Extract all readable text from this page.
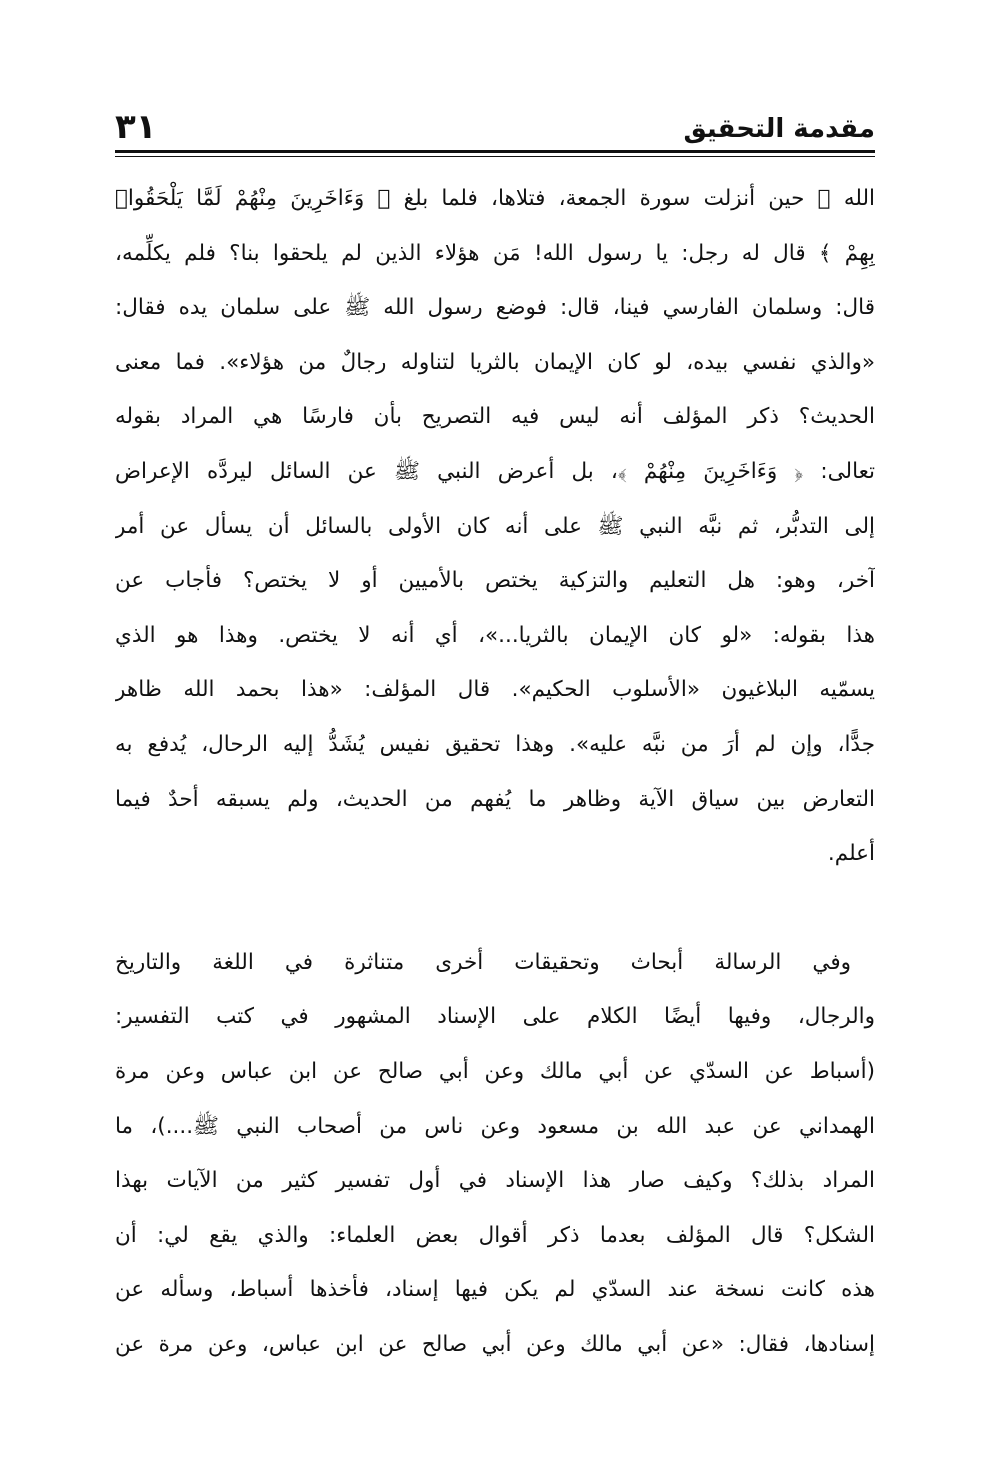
مقدمة التحقيق
٣١
الله ﷺ حين أنزلت سورة الجمعة، فتلاها، فلما بلغ ﴿ وَءَاخَرِينَ مِنْهُمْ لَمَّا يَلْحَقُوا۟
بِهِمْ ﴾ قال له رجل: يا رسول الله! مَن هؤلاء الذين لم يلحقوا بنا؟ فلم يكلِّمه،
قال: وسلمان الفارسي فينا، قال: فوضع رسول الله ﷺ على سلمان يده فقال:
«والذي نفسي بيده، لو كان الإيمان بالثريا لتناوله رجالٌ من هؤلاء». فما معنى
الحديث؟ ذكر المؤلف أنه ليس فيه التصريح بأن فارسًا هي المراد بقوله
تعالى: ﴿ وَءَاخَرِينَ مِنْهُمْ ﴾، بل أعرض النبي ﷺ عن السائل ليردَّه الإعراض
إلى التدبُّر، ثم نبَّه النبي ﷺ على أنه كان الأولى بالسائل أن يسأل عن أمر
آخر، وهو: هل التعليم والتزكية يختص بالأميين أو لا يختص؟ فأجاب عن
هذا بقوله: «لو كان الإيمان بالثريا...»، أي أنه لا يختص. وهذا هو الذي
يسمّيه البلاغيون «الأسلوب الحكيم». قال المؤلف: «هذا بحمد الله ظاهر
جدًّا، وإن لم أرَ من نبَّه عليه». وهذا تحقيق نفيس يُشَدُّ إليه الرحال، يُدفع به
التعارض بين سياق الآية وظاهر ما يُفهم من الحديث، ولم يسبقه أحدٌ فيما
أعلم.
وفي الرسالة أبحاث وتحقيقات أخرى متناثرة في اللغة والتاريخ
والرجال، وفيها أيضًا الكلام على الإسناد المشهور في كتب التفسير:
(أسباط عن السدّي عن أبي مالك وعن أبي صالح عن ابن عباس وعن مرة
الهمداني عن عبد الله بن مسعود وعن ناس من أصحاب النبي ﷺ....)، ما
المراد بذلك؟ وكيف صار هذا الإسناد في أول تفسير كثير من الآيات بهذا
الشكل؟ قال المؤلف بعدما ذكر أقوال بعض العلماء: والذي يقع لي: أن
هذه كانت نسخة عند السدّي لم يكن فيها إسناد، فأخذها أسباط، وسأله عن
إسنادها، فقال: «عن أبي مالك وعن أبي صالح عن ابن عباس، وعن مرة عن
